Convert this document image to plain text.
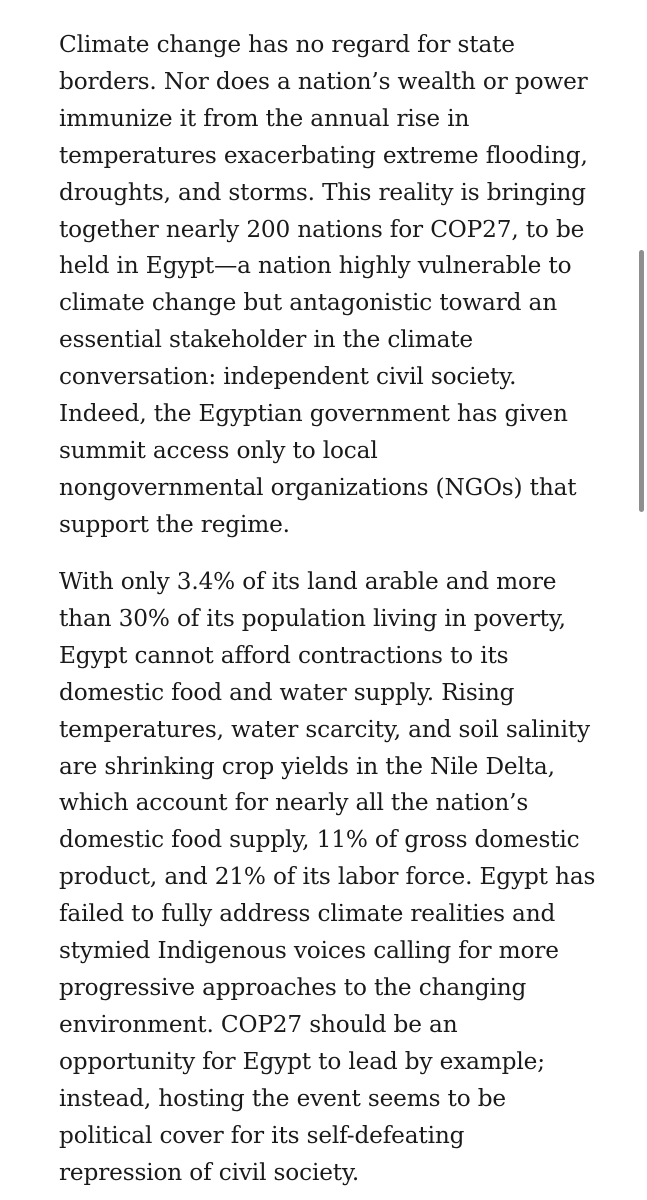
Climate change has no regard for state
borders. Nor does a nation’s wealth or power
immunize it from the annual rise in
temperatures exacerbating extreme flooding,
droughts, and storms. This reality is bringing
together nearly 200 nations for COP27, to be
held in Egypt—a nation highly vulnerable to
climate change but antagonistic toward an
essential stakeholder in the climate
conversation: independent civil society.
Indeed, the Egyptian government has given
summit access only to local
nongovernmental organizations (NGOs) that
support the regime.

With only 3.4% of its land arable and more
than 30% of its population living in poverty,
Egypt cannot afford contractions to its
domestic food and water supply. Rising
temperatures, water scarcity, and soil salinity
are shrinking crop yields in the Nile Delta,
which account for nearly all the nation’s
domestic food supply, 11% of gross domestic
product, and 21% of its labor force. Egypt has
failed to fully address climate realities and
stymied Indigenous voices calling for more
progressive approaches to the changing
environment. COP27 should be an
opportunity for Egypt to lead by example;
instead, hosting the event seems to be
political cover for its self-defeating
repression of civil society.
